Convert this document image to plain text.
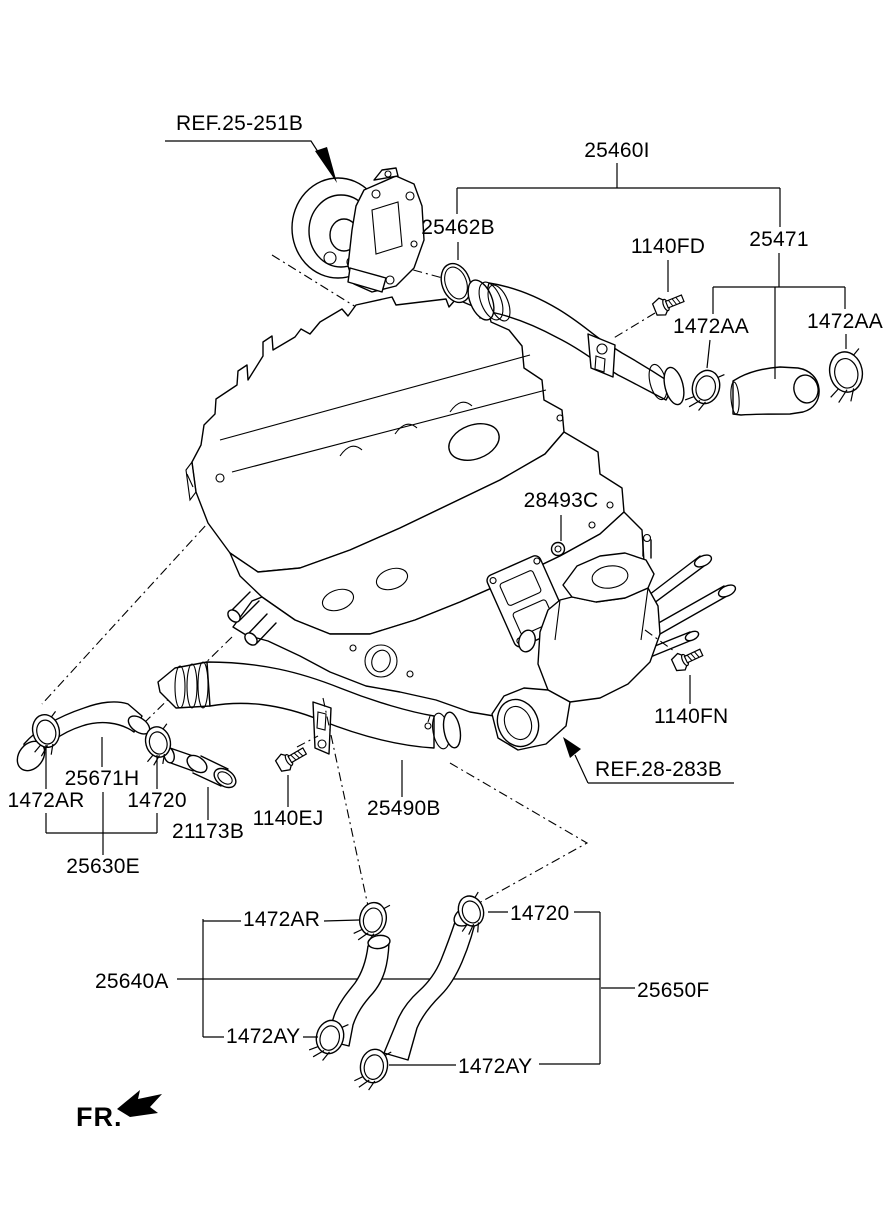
REF.25-251B
25460I
25462B
1140FD 25471
1472AA	1472AA
28493C
1140FN
REF.28-283B
25671H
1472AR 14720
21173B
1140EJ 25490B
25630E
1472AR	14720
25640A	25650F
1472AY
1472AY
FR.
